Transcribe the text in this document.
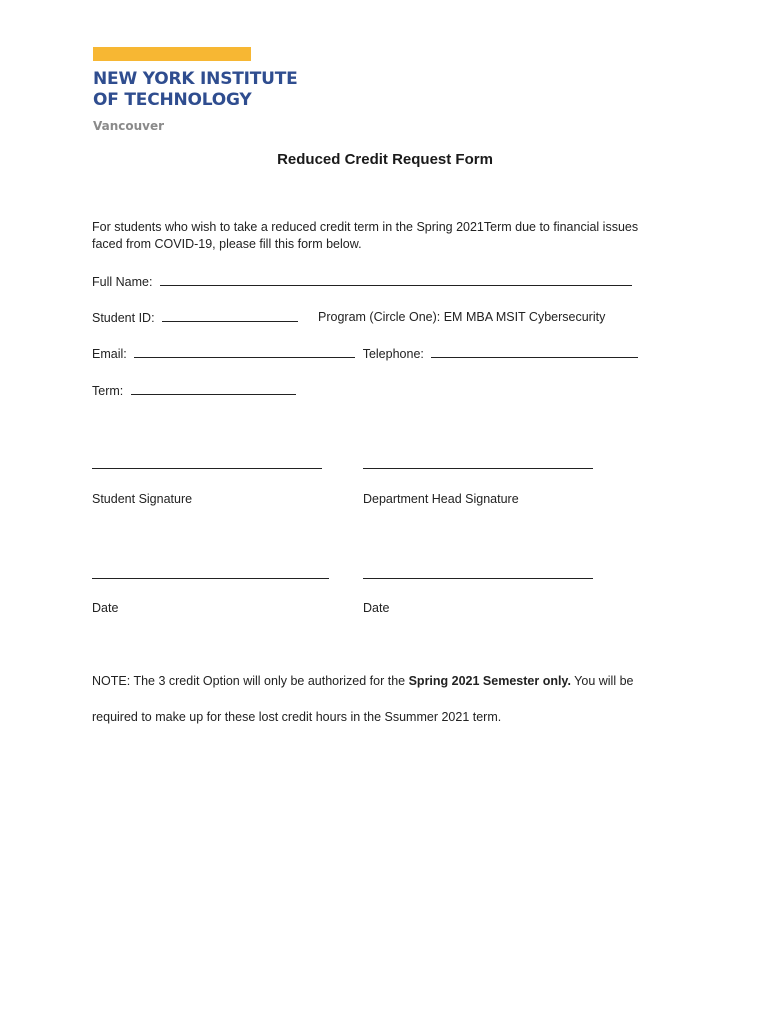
NEW YORK INSTITUTE
OF TECHNOLOGY
Vancouver
Reduced Credit Request Form
For students who wish to take a reduced credit term in the Spring 2021Term due to financial issues
faced from COVID-19, please fill this form below.
Full Name:
Student ID:	Program (Circle One): EM MBA MSIT Cybersecurity
Email:	Telephone:
Term:
Student Signature	Department Head Signature
Date	Date
NOTE: The 3 credit Option will only be authorized for the Spring 2021 Semester only. You will be
required to make up for these lost credit hours in the Ssummer 2021 term.
